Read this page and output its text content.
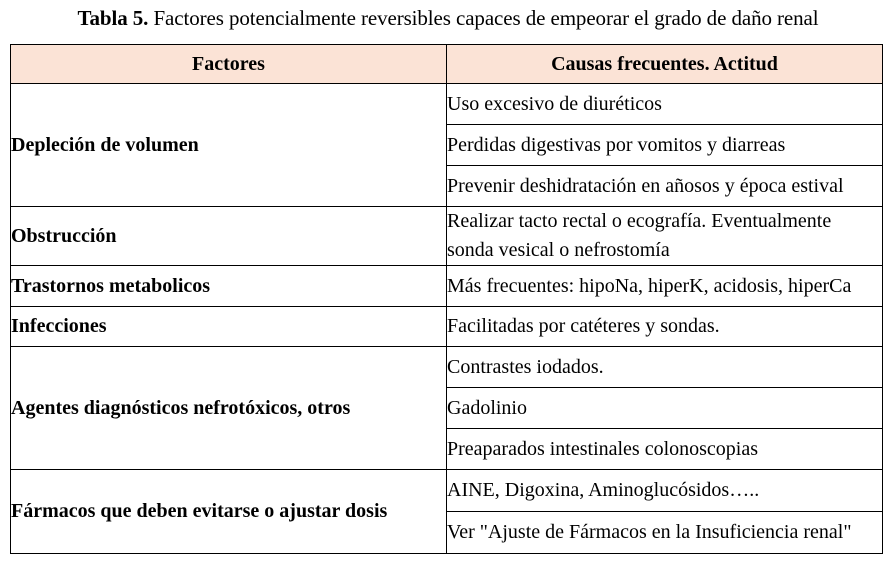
Tabla 5. Factores potencialmente reversibles capaces de empeorar el grado de daño renal
Factores	Causas frecuentes. Actitud
Depleción de volumen	Uso excesivo de diuréticos
	Perdidas digestivas por vomitos y diarreas
	Prevenir deshidratación en añosos y época estival
Obstrucción	Realizar tacto rectal o ecografía. Eventualmente sonda vesical o nefrostomía
Trastornos metabolicos	Más frecuentes: hipoNa, hiperK, acidosis, hiperCa
Infecciones	Facilitadas por catéteres y sondas.
Agentes diagnósticos nefrotóxicos, otros	Contrastes iodados.
	Gadolinio
	Preaparados intestinales colonoscopias
Fármacos que deben evitarse o ajustar dosis	AINE, Digoxina, Aminoglucósidos…..
	Ver "Ajuste de Fármacos en la Insuficiencia renal"
